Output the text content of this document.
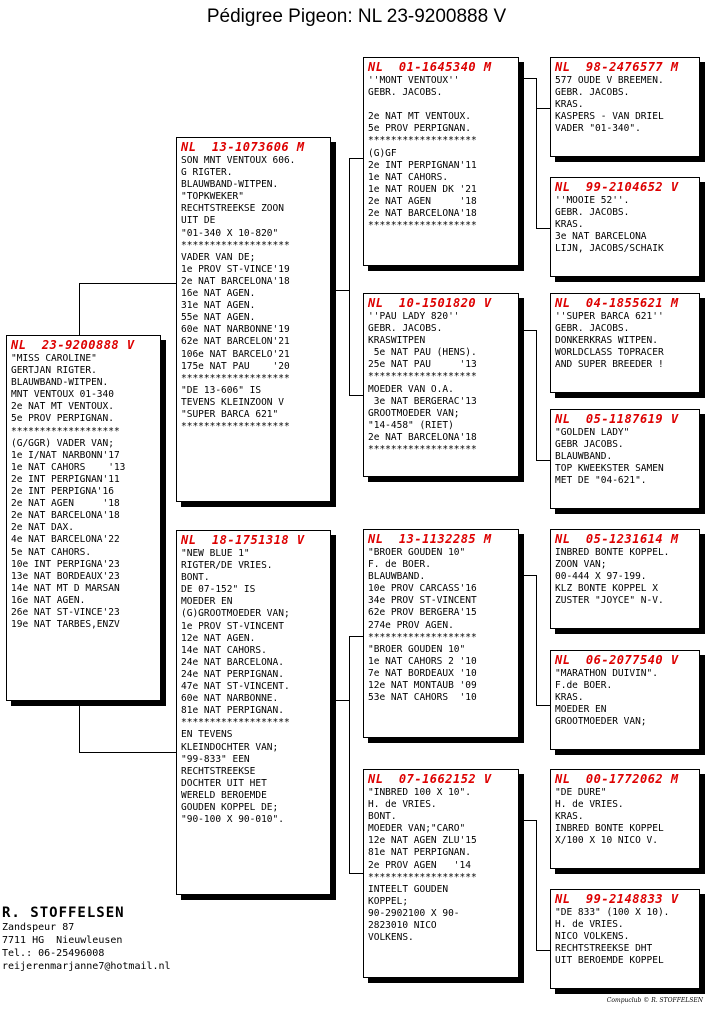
Pédigree Pigeon: NL 23-9200888 V
NL  23-9200888 V
"MISS CAROLINE"
GERTJAN RIGTER.
BLAUWBAND-WITPEN.
MNT VENTOUX 01-340
2e NAT MT VENTOUX.
5e PROV PERPIGNAN.
*******************
(G/GGR) VADER VAN;
1e I/NAT NARBONN'17
1e NAT CAHORS    '13
2e INT PERPIGNAN'11
2e INT PERPIGNA'16
2e NAT AGEN     '18
2e NAT BARCELONA'18
2e NAT DAX.
4e NAT BARCELONA'22
5e NAT CAHORS.
10e INT PERPIGNA'23
13e NAT BORDEAUX'23
14e NAT MT D MARSAN
16e NAT AGEN.
26e NAT ST-VINCE'23
19e NAT TARBES,ENZV
NL  13-1073606 M
SON MNT VENTOUX 606.
G RIGTER.
BLAUWBAND-WITPEN.
"TOPKWEKER"
RECHTSTREEKSE ZOON
UIT DE
"01-340 X 10-820"
*******************
VADER VAN DE;
1e PROV ST-VINCE'19
2e NAT BARCELONA'18
16e NAT AGEN.
31e NAT AGEN.
55e NAT AGEN.
60e NAT NARBONNE'19
62e NAT BARCELON'21
106e NAT BARCELO'21
175e NAT PAU    '20
*******************
"DE 13-606" IS
TEVENS KLEINZOON V
"SUPER BARCA 621"
*******************
NL  18-1751318 V
"NEW BLUE 1"
RIGTER/DE VRIES.
BONT.
DE 07-152" IS
MOEDER EN
(G)GROOTMOEDER VAN;
1e PROV ST-VINCENT
12e NAT AGEN.
14e NAT CAHORS.
24e NAT BARCELONA.
24e NAT PERPIGNAN.
47e NAT ST-VINCENT.
60e NAT NARBONNE.
81e NAT PERPIGNAN.
*******************
EN TEVENS
KLEINDOCHTER VAN;
"99-833" EEN
RECHTSTREEKSE
DOCHTER UIT HET
WERELD BEROEMDE
GOUDEN KOPPEL DE;
"90-100 X 90-010".
NL  01-1645340 M
''MONT VENTOUX''
GEBR. JACOBS.

2e NAT MT VENTOUX.
5e PROV PERPIGNAN.
*******************
(G)GF
2e INT PERPIGNAN'11
1e NAT CAHORS.
1e NAT ROUEN DK '21
2e NAT AGEN     '18
2e NAT BARCELONA'18
*******************
NL  10-1501820 V
''PAU LADY 820''
GEBR. JACOBS.
KRASWITPEN
5e NAT PAU (HENS).
25e NAT PAU     '13
*******************
MOEDER VAN O.A.
3e NAT BERGERAC'13
GROOTMOEDER VAN;
"14-458" (RIET)
2e NAT BARCELONA'18
*******************
NL  13-1132285 M
"BROER GOUDEN 10"
F. de BOER.
BLAUWBAND.
10e PROV CARCASS'16
34e PROV ST-VINCENT
62e PROV BERGERA'15
274e PROV AGEN.
*******************
"BROER GOUDEN 10"
1e NAT CAHORS 2 '10
7e NAT BORDEAUX '10
12e NAT MONTAUB '09
53e NAT CAHORS  '10
NL  07-1662152 V
"INBRED 100 X 10".
H. de VRIES.
BONT.
MOEDER VAN;"CARO"
12e NAT AGEN ZLU'15
81e NAT PERPIGNAN.
2e PROV AGEN   '14
*******************
INTEELT GOUDEN
KOPPEL;
90-2902100 X 90-
2823010 NICO
VOLKENS.
NL  98-2476577 M
577 OUDE V BREEMEN.
GEBR. JACOBS.
KRAS.
KASPERS - VAN DRIEL
VADER "01-340".
NL  99-2104652 V
''MOOIE 52''.
GEBR. JACOBS.
KRAS.
3e NAT BARCELONA
LIJN, JACOBS/SCHAIK
NL  04-1855621 M
''SUPER BARCA 621''
GEBR. JACOBS.
DONKERKRAS WITPEN.
WORLDCLASS TOPRACER
AND SUPER BREEDER !
NL  05-1187619 V
"GOLDEN LADY"
GEBR JACOBS.
BLAUWBAND.
TOP KWEEKSTER SAMEN
MET DE "04-621".
NL  05-1231614 M
INBRED BONTE KOPPEL.
ZOON VAN;
00-444 X 97-199.
KLZ BONTE KOPPEL X
ZUSTER "JOYCE" N-V.
NL  06-2077540 V
"MARATHON DUIVIN".
F.de BOER.
KRAS.
MOEDER EN
GROOTMOEDER VAN;
NL  00-1772062 M
"DE DURE"
H. de VRIES.
KRAS.
INBRED BONTE KOPPEL
X/100 X 10 NICO V.
NL  99-2148833 V
"DE 833" (100 X 10).
H. de VRIES.
NICO VOLKENS.
RECHTSTREEKSE DHT
UIT BEROEMDE KOPPEL
R. STOFFELSEN
Zandspeur 87
7711 HG  Nieuwleusen
Tel.: 06-25496008
reijerenmarjanne7@hotmail.nl
Compuclub © R. STOFFELSEN
